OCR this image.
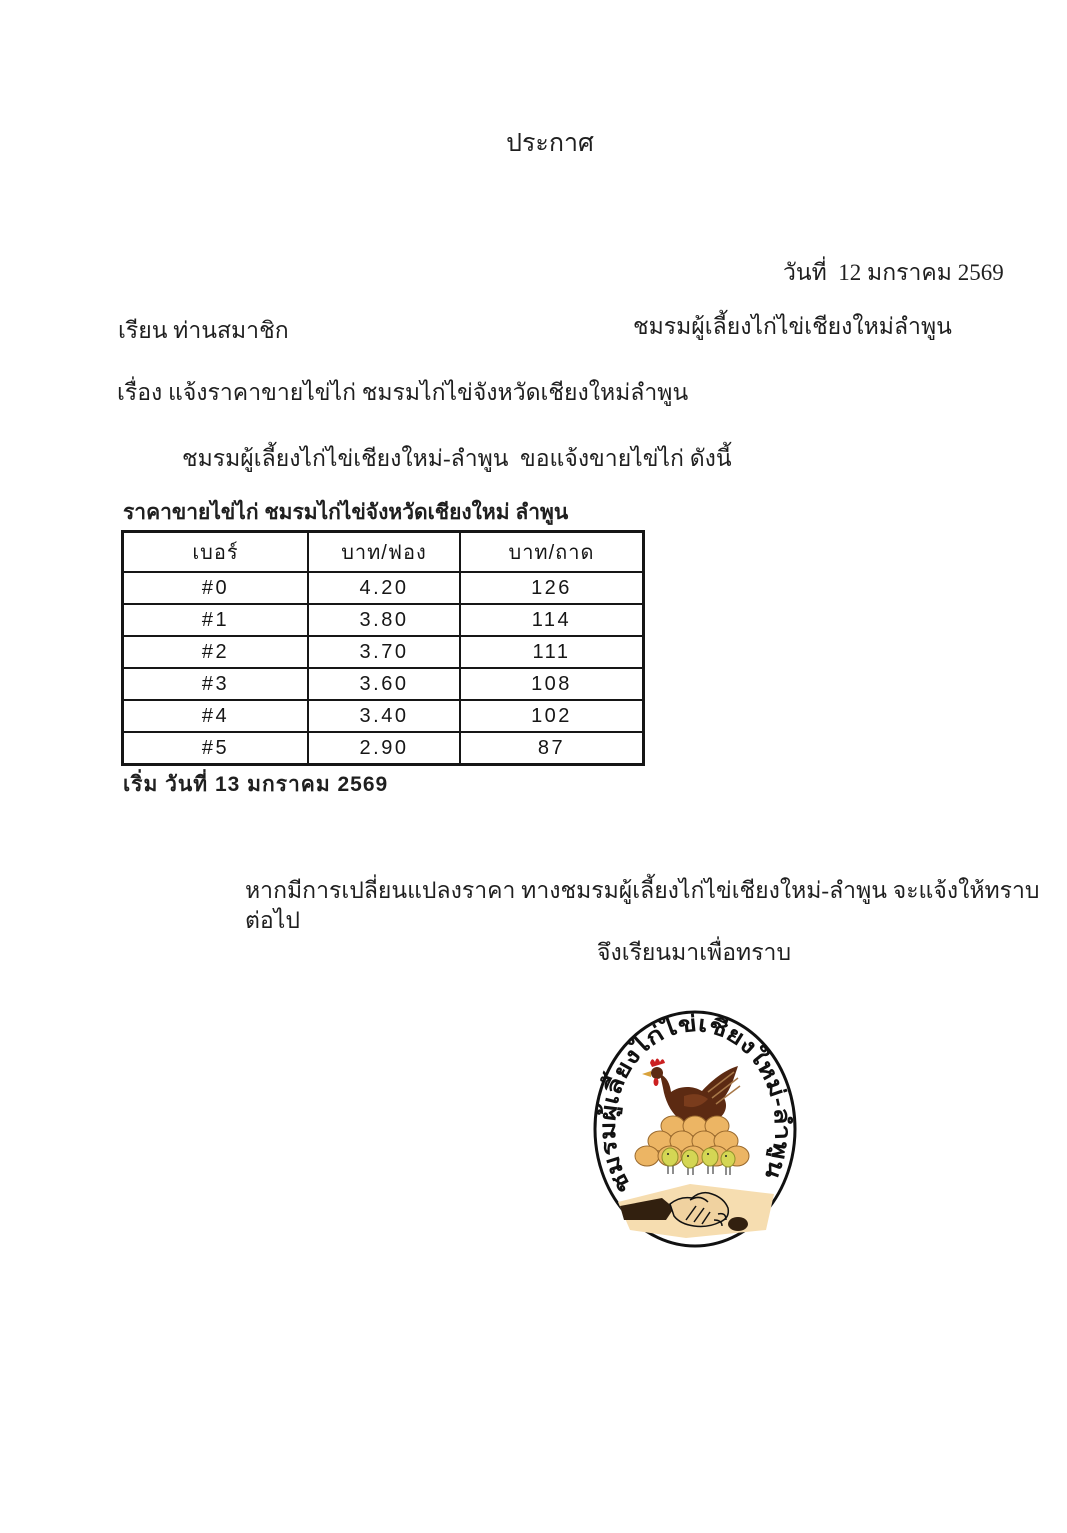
ประกาศ
วันที่  12 มกราคม 2569
เรียน ท่านสมาชิก	ชมรมผู้เลี้ยงไก่ไข่เชียงใหม่ลำพูน
เรื่อง แจ้งราคาขายไข่ไก่ ชมรมไก่ไข่จังหวัดเชียงใหม่ลำพูน
ชมรมผู้เลี้ยงไก่ไข่เชียงใหม่-ลำพูน  ขอแจ้งขายไข่ไก่ ดังนี้
ราคาขายไข่ไก่ ชมรมไก่ไข่จังหวัดเชียงใหม่ ลำพูน
เบอร์	บาท/ฟอง	บาท/ถาด
#0	4.20	126
#1	3.80	114
#2	3.70	111
#3	3.60	108
#4	3.40	102
#5	2.90	87
เริ่ม วันที่ 13 มกราคม 2569
หากมีการเปลี่ยนแปลงราคา ทางชมรมผู้เลี้ยงไก่ไข่เชียงใหม่-ลำพูน จะแจ้งให้ทราบต่อไป
จึงเรียนมาเพื่อทราบ
ชมรมผู้เลี้ยงไก่ไข่เชียงใหม่-ลำพูน
